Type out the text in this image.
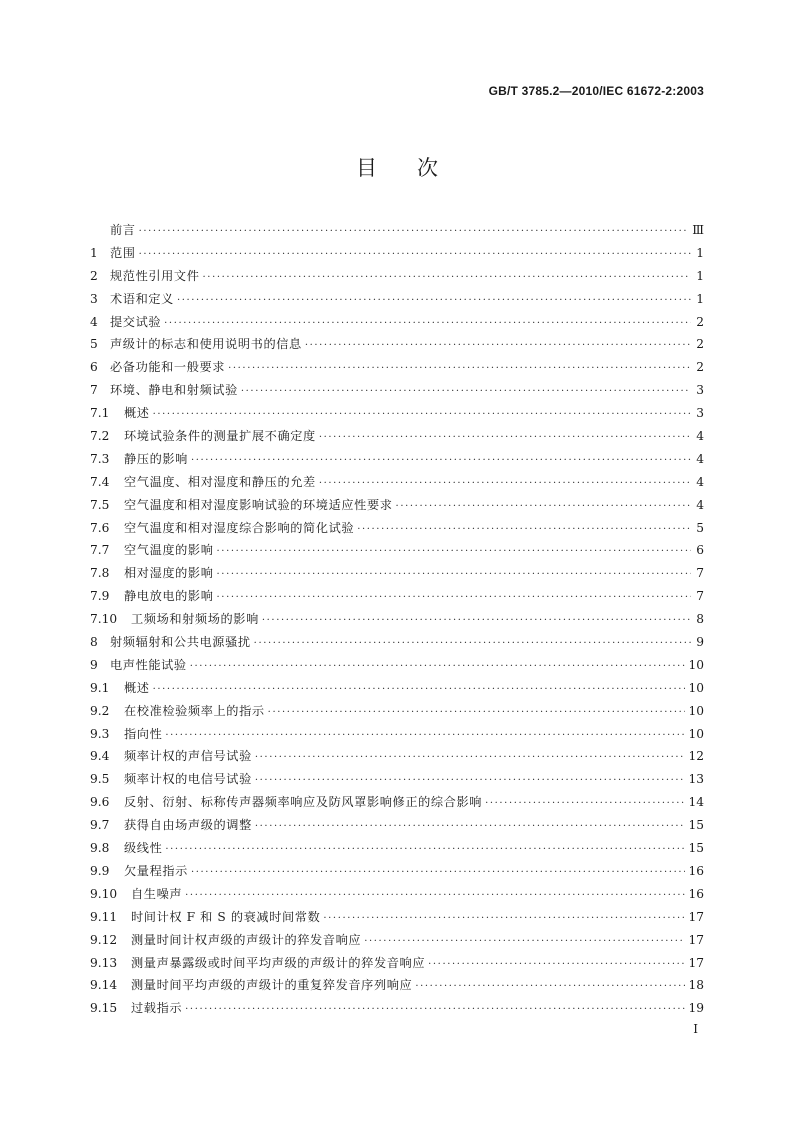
GB/T 3785.2—2010/IEC 61672-2:2003
目次
前言 ·····	Ⅲ
1	范围 ·····	1
2	规范性引用文件 ·····	1
3	术语和定义 ·····	1
4	提交试验 ·····	2
5	声级计的标志和使用说明书的信息 ·····	2
6	必备功能和一般要求 ·····	2
7	环境、静电和射频试验 ·····	3
7.1	概述 ·····	3
7.2	环境试验条件的测量扩展不确定度 ·····	4
7.3	静压的影响 ·····	4
7.4	空气温度、相对湿度和静压的允差 ·····	4
7.5	空气温度和相对湿度影响试验的环境适应性要求 ·····	4
7.6	空气温度和相对湿度综合影响的简化试验 ·····	5
7.7	空气温度的影响 ·····	6
7.8	相对湿度的影响 ·····	7
7.9	静电放电的影响 ·····	7
7.10	工频场和射频场的影响 ·····	8
8	射频辐射和公共电源骚扰 ·····	9
9	电声性能试验 ·····	10
9.1	概述 ·····	10
9.2	在校准检验频率上的指示 ·····	10
9.3	指向性 ·····	10
9.4	频率计权的声信号试验 ·····	12
9.5	频率计权的电信号试验 ·····	13
9.6	反射、衍射、标称传声器频率响应及防风罩影响修正的综合影响 ·····	14
9.7	获得自由场声级的调整 ·····	15
9.8	级线性 ·····	15
9.9	欠量程指示 ·····	16
9.10	自生噪声 ·····	16
9.11	时间计权 F 和 S 的衰减时间常数 ·····	17
9.12	测量时间计权声级的声级计的猝发音响应 ·····	17
9.13	测量声暴露级或时间平均声级的声级计的猝发音响应 ·····	17
9.14	测量时间平均声级的声级计的重复猝发音序列响应 ·····	18
9.15	过载指示 ·····	19
I
